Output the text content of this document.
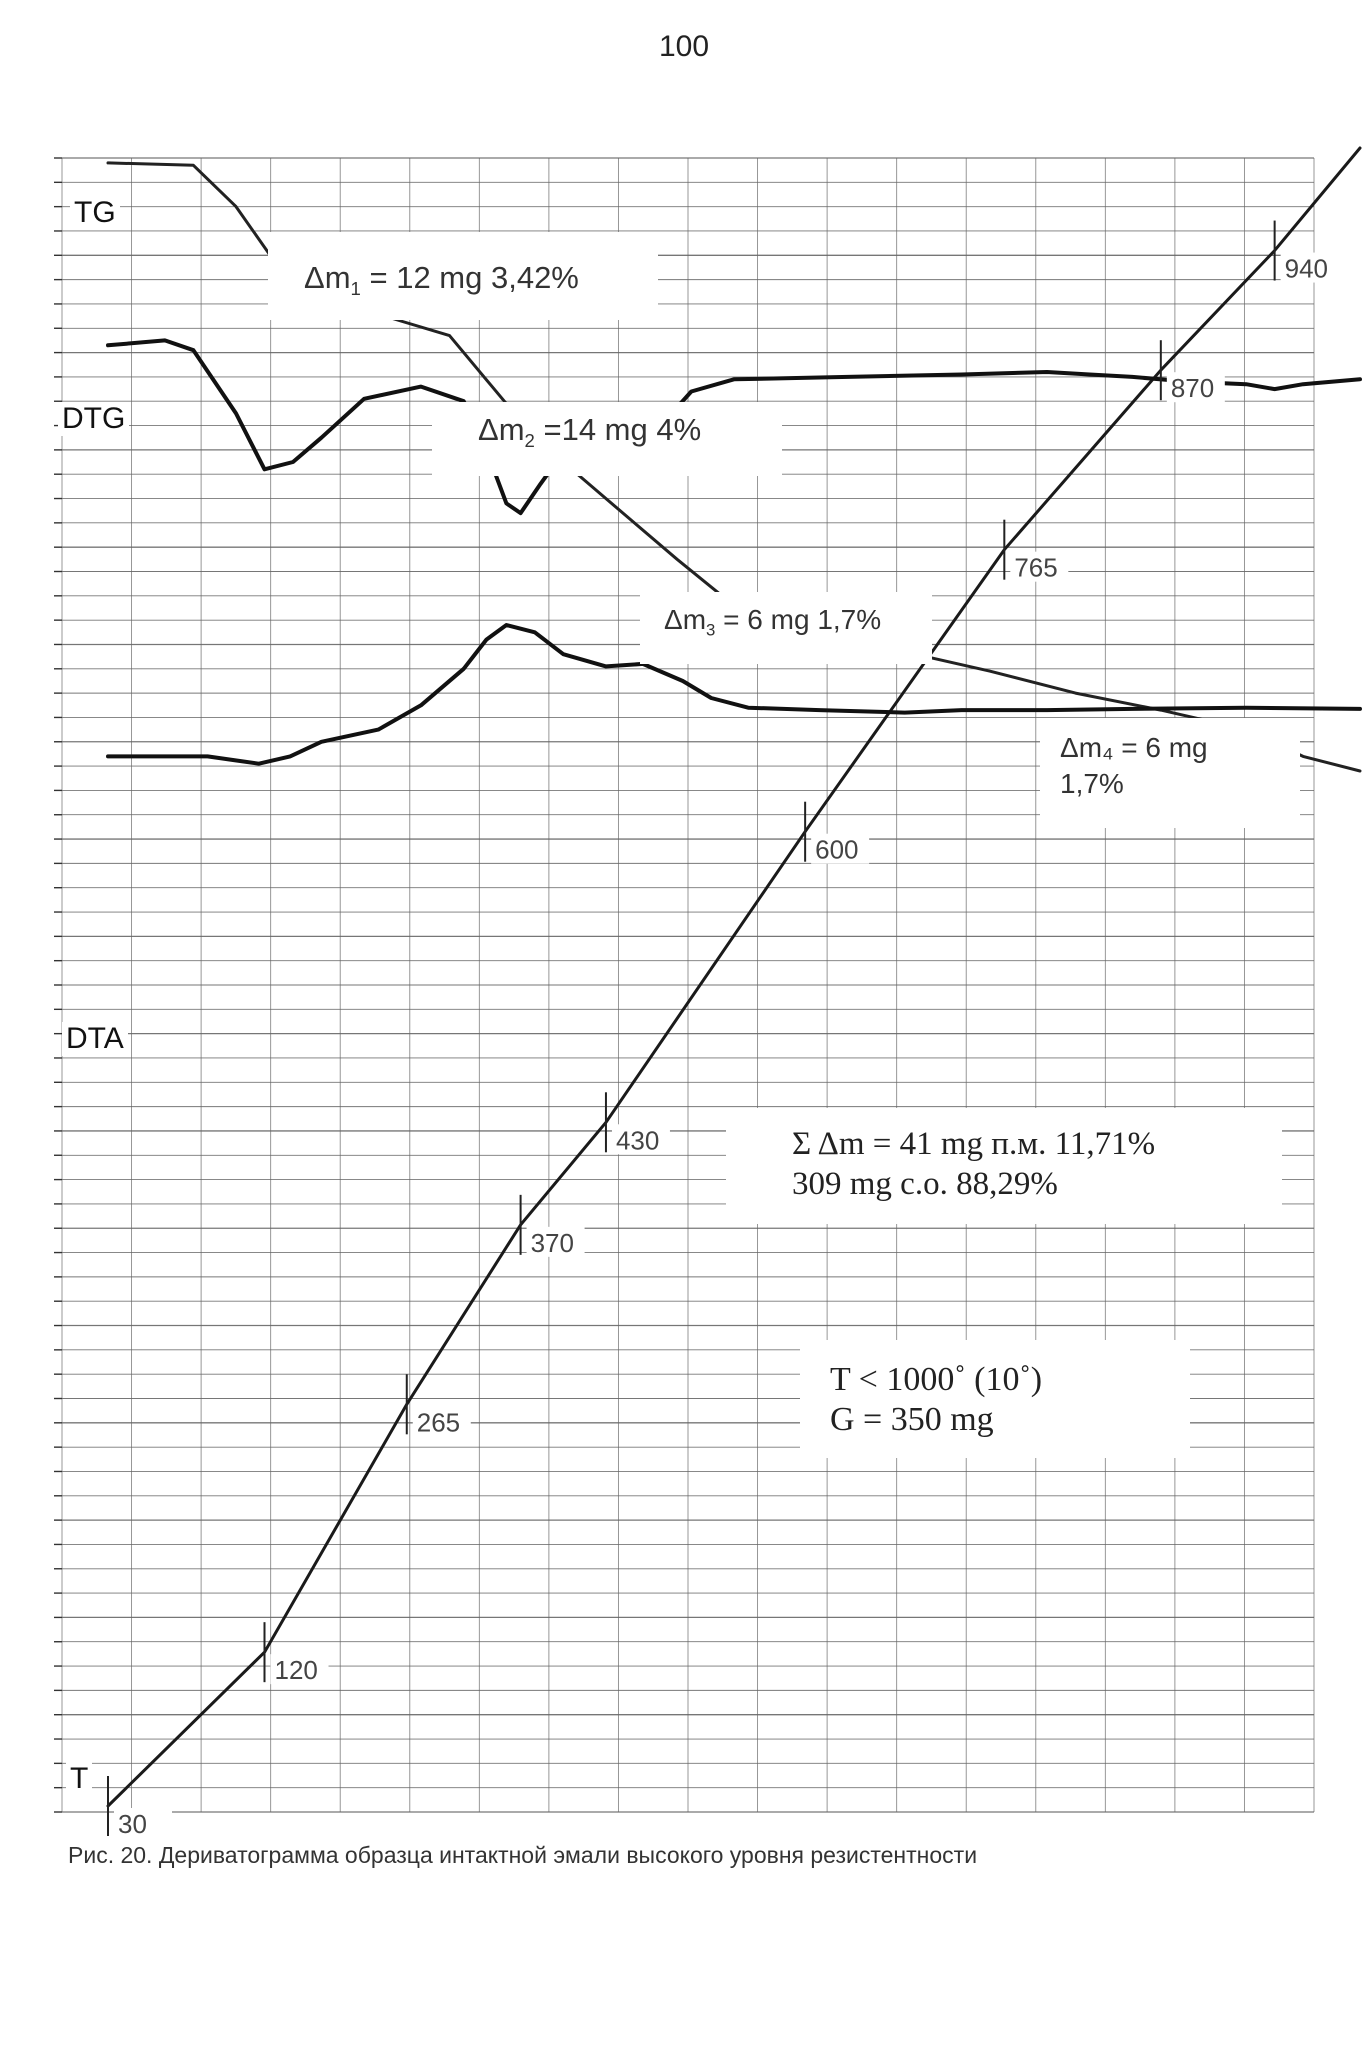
100
30
120
265
370
430
600
765
870
940
TG
DTG
DTA
T
$\Delta m_1 = 12$ mg 3,42%
$\Delta m_2 =14$ mg 4%
$\Delta m_3 = 6$ mg 1,7%
Δm₄ = 6 mg
1,7%
Σ Δm = 41 mg п.м. 11,71%
309 mg с.о. 88,29%
T < 1000˚ (10˚)
G = 350 mg
Рис. 20. Дериватограмма образца интактной эмали высокого уровня резистентности
